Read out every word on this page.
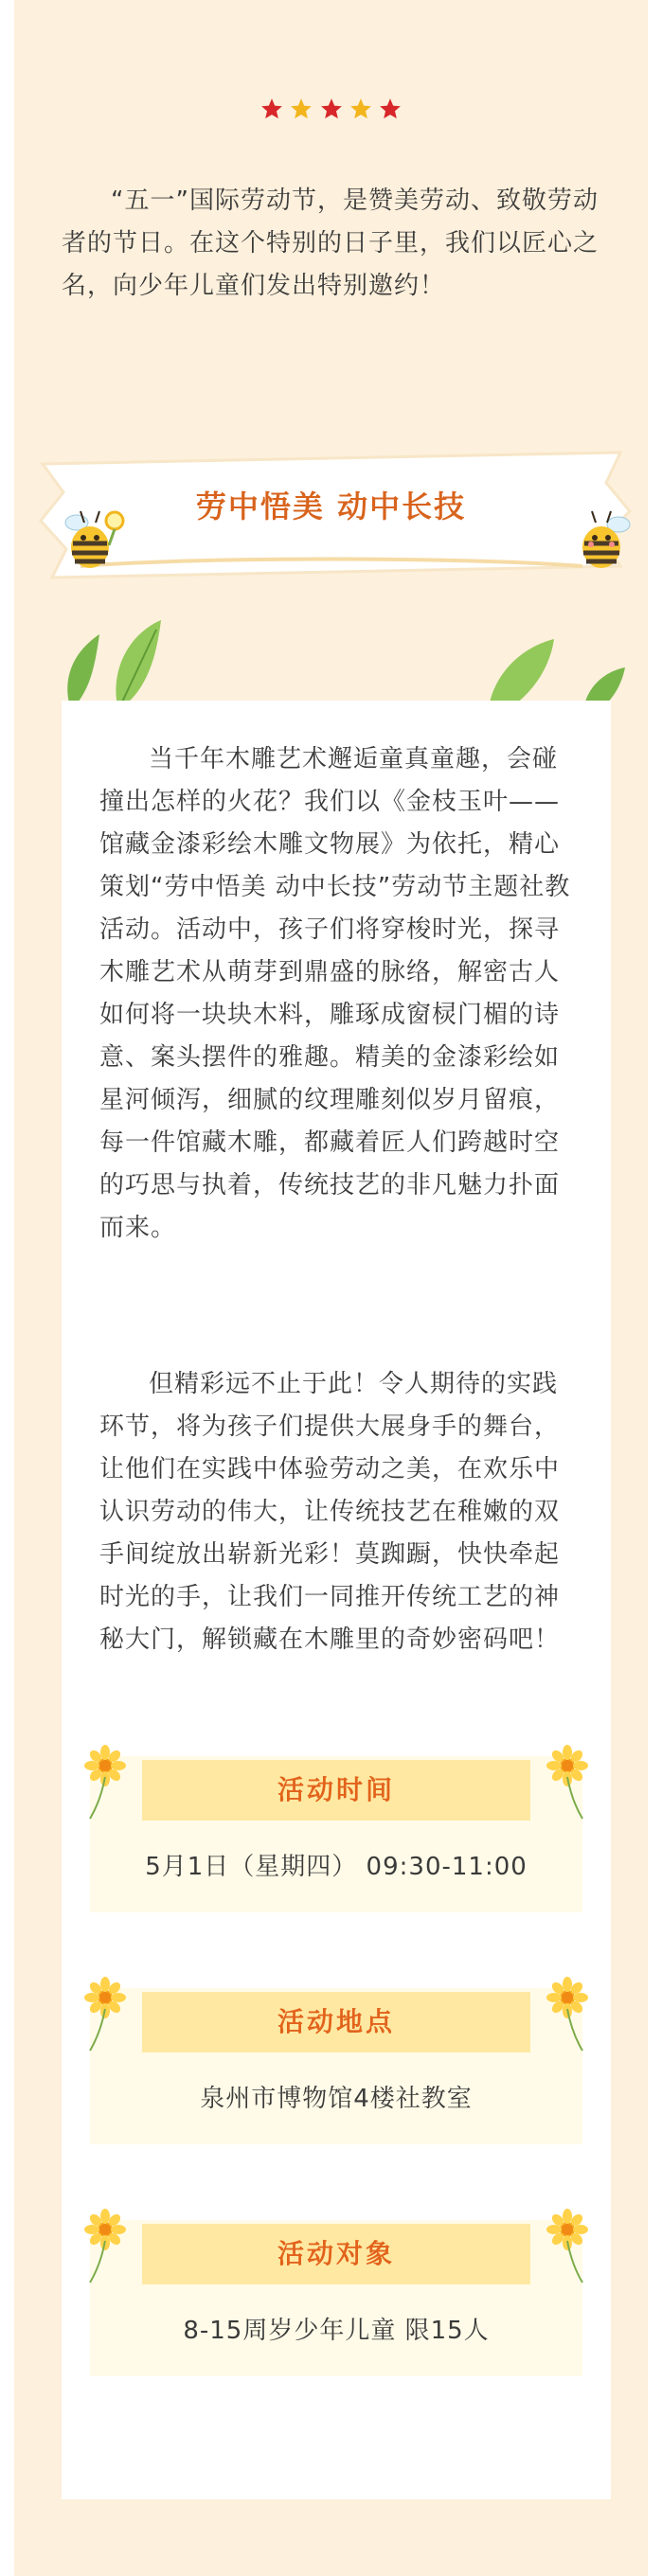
“五一”国际劳动节，是赞美劳动、致敬劳动者的节日。在这个特别的日子里，我们以匠心之名，向少年儿童们发出特别邀约！

劳中悟美 动中长技

当千年木雕艺术邂逅童真童趣，会碰撞出怎样的火花？我们以《金枝玉叶——馆藏金漆彩绘木雕文物展》为依托，精心策划“劳中悟美 动中长技”劳动节主题社教活动。活动中，孩子们将穿梭时光，探寻木雕艺术从萌芽到鼎盛的脉络，解密古人如何将一块块木料，雕琢成窗棂门楣的诗意、案头摆件的雅趣。精美的金漆彩绘如星河倾泻，细腻的纹理雕刻似岁月留痕，每一件馆藏木雕，都藏着匠人们跨越时空的巧思与执着，传统技艺的非凡魅力扑面而来。

但精彩远不止于此！令人期待的实践环节，将为孩子们提供大展身手的舞台，让他们在实践中体验劳动之美，在欢乐中认识劳动的伟大，让传统技艺在稚嫩的双手间绽放出崭新光彩！莫踟蹰，快快牵起时光的手，让我们一同推开传统工艺的神秘大门，解锁藏在木雕里的奇妙密码吧！

活动时间
5月1日（星期四） 09:30-11:00
活动地点
泉州市博物馆4楼社教室
活动对象
8-15周岁少年儿童 限15人
